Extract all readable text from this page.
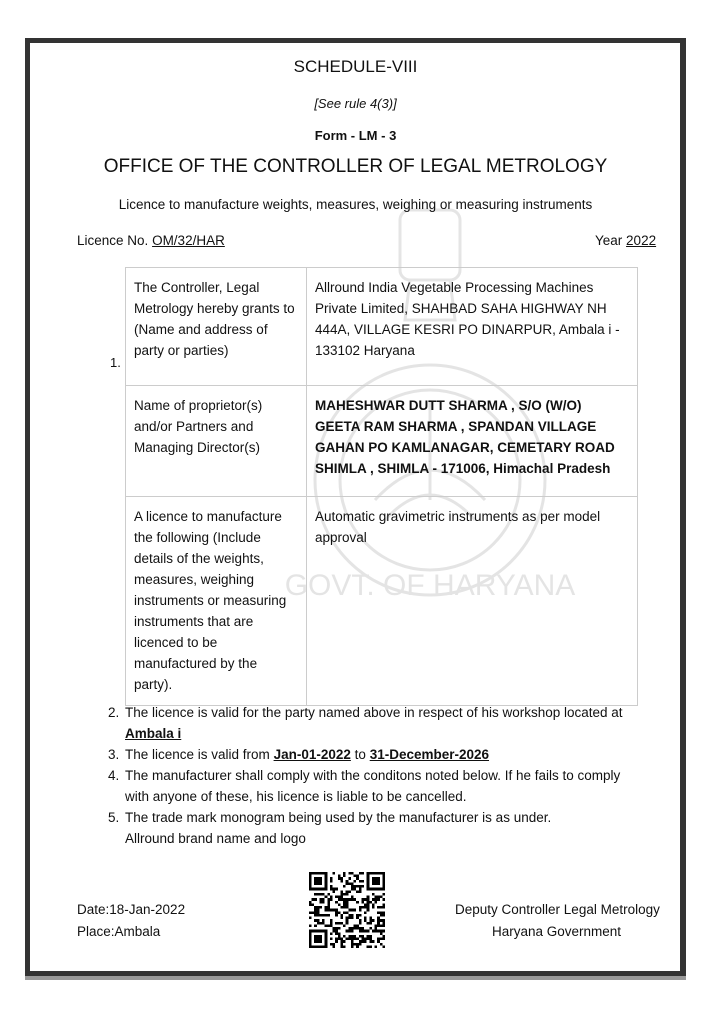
GOVT. OF HARYANA
SCHEDULE-VIII
[See rule 4(3)]
Form - LM - 3
OFFICE OF THE CONTROLLER OF LEGAL METROLOGY
Licence to manufacture weights, measures, weighing or measuring instruments
Licence No. OM/32/HAR	Year 2022
1.
The Controller, Legal Metrology hereby grants to (Name and address of party or parties)	Allround India Vegetable Processing Machines Private Limited, SHAHBAD SAHA HIGHWAY NH 444A, VILLAGE KESRI PO DINARPUR, Ambala i - 133102 Haryana
Name of proprietor(s) and/or Partners and Managing Director(s)	MAHESHWAR DUTT SHARMA , S/O (W/O) GEETA RAM SHARMA , SPANDAN VILLAGE GAHAN PO KAMLANAGAR, CEMETARY ROAD SHIMLA , SHIMLA - 171006, Himachal Pradesh
A licence to manufacture the following (Include details of the weights, measures, weighing instruments or measuring instruments that are licenced to be manufactured by the party).	Automatic gravimetric instruments as per model approval
2. The licence is valid for the party named above in respect of his workshop located at
Ambala i
3. The licence is valid from Jan-01-2022 to 31-December-2026
4. The manufacturer shall comply with the conditons noted below. If he fails to comply with anyone of these, his licence is liable to be cancelled.
5. The trade mark monogram being used by the manufacturer is as under.
Allround brand name and logo
Date:18-Jan-2022
Place:Ambala
Deputy Controller Legal Metrology
Haryana Government
